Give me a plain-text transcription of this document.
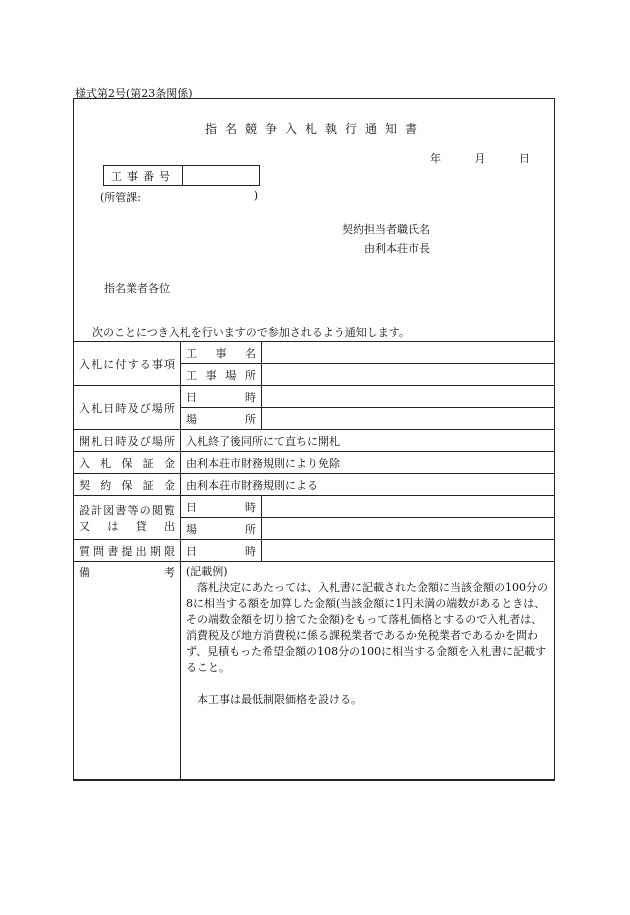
様式第2号(第23条関係)
指名競争入札執行通知書
年	月	日
工事番号
(所管課:	)
契約担当者職氏名
由利本荘市長
指名業者各位
次のことにつき入札を行いますので参加されるよう通知します。
入札に付する事項	工事名	
	工事場所	
入札日時及び場所	日時	
	場所	
開札日時及び場所	入札終了後同所にて直ちに開札	
入札保証金	由利本荘市財務規則により免除	
契約保証金	由利本荘市財務規則による	
設計図書等の閲覧又は貸出	日時	
	場所	
質問書提出期限	日時	
備考	(記載例)
落札決定にあたっては、入札書に記載された金額に当該金額の100分の8に相当する額を加算した金額(当該金額に1円未満の端数があるときは、その端数金額を切り捨てた金額)をもって落札価格とするので入札者は、消費税及び地方消費税に係る課税業者であるか免税業者であるかを問わず、見積もった希望金額の108分の100に相当する金額を入札書に記載すること。
本工事は最低制限価格を設ける。	
